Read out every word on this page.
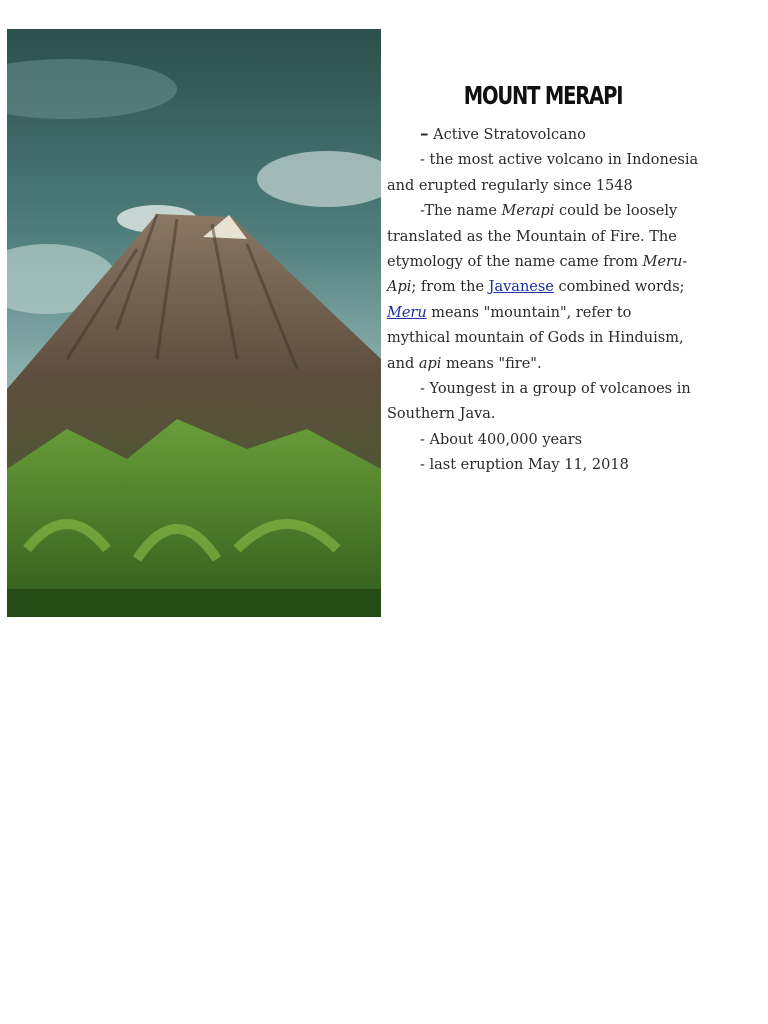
MOUNT MERAPI

– Active Stratovolcano

- the most active volcano in Indonesia and erupted regularly since 1548

-The name Merapi could be loosely translated as the Mountain of Fire. The etymology of the name came from Meru-Api; from the Javanese combined words; Meru means "mountain", refer to mythical mountain of Gods in Hinduism, and api means "fire".

- Youngest in a group of volcanoes in Southern Java.

- About 400,000 years

- last eruption May 11, 2018
